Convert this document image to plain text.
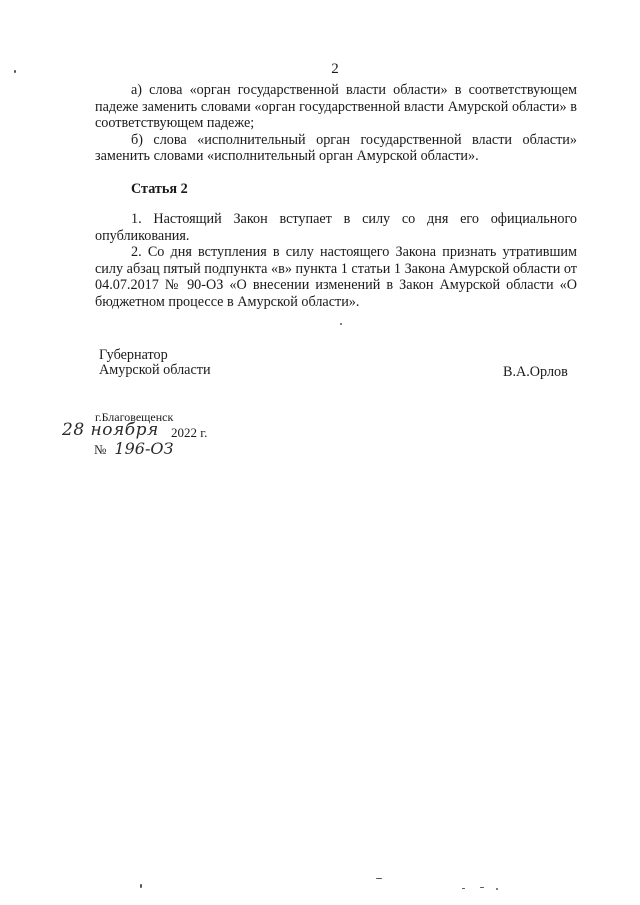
2

а) слова «орган государственной власти области» в соответствующем падеже заменить словами «орган государственной власти Амурской области» в соответствующем падеже;

б) слова «исполнительный орган государственной власти области» заменить словами «исполнительный орган Амурской области».

Статья 2

1. Настоящий Закон вступает в силу со дня его официального опубликования.

2. Со дня вступления в силу настоящего Закона признать утратившим силу абзац пятый подпункта «в» пункта 1 статьи 1 Закона Амурской области от 04.07.2017 № 90-ОЗ «О внесении изменений в Закон Амурской области «О бюджетном процессе в Амурской области».

Губернатор
Амурской области	В.А.Орлов
г.Благовещенск
28 ноября 2022 г.
№ 196-ОЗ
